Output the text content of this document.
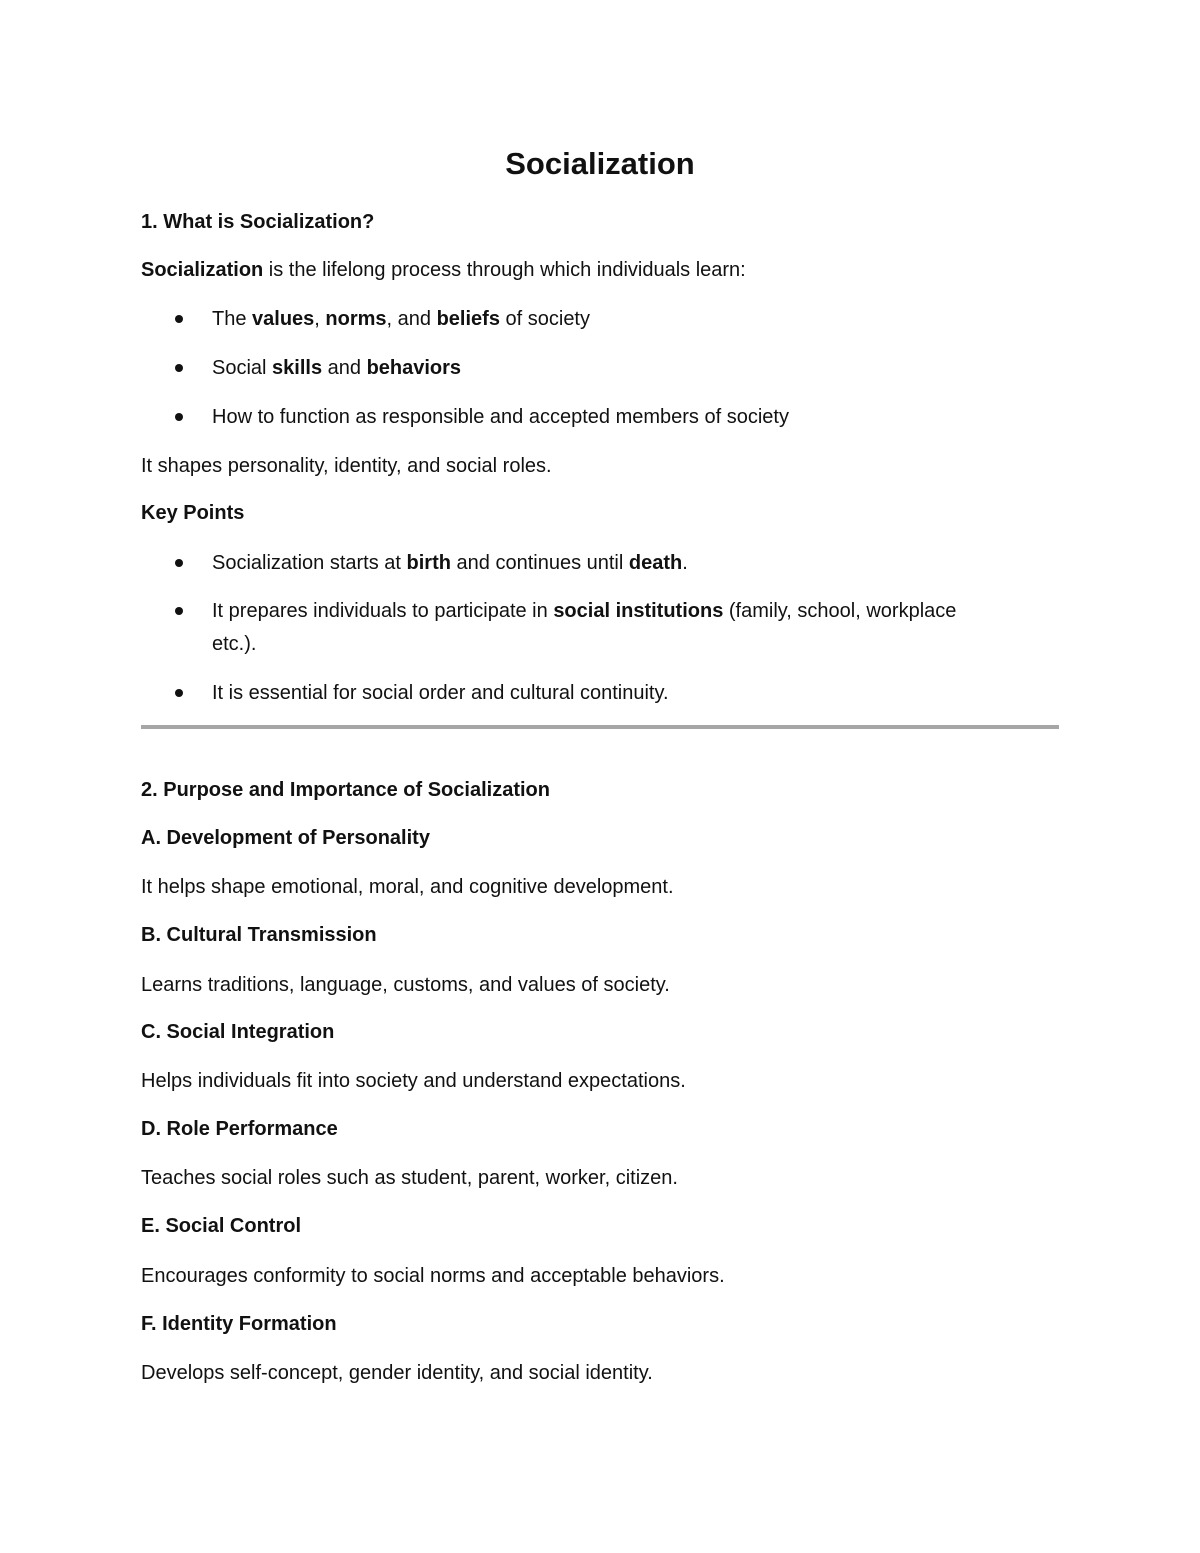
Socialization
1. What is Socialization?
Socialization is the lifelong process through which individuals learn:
The values, norms, and beliefs of society
Social skills and behaviors
How to function as responsible and accepted members of society
It shapes personality, identity, and social roles.
Key Points
Socialization starts at birth and continues until death.
It prepares individuals to participate in social institutions (family, school, workplace
etc.).
It is essential for social order and cultural continuity.
2. Purpose and Importance of Socialization
A. Development of Personality
It helps shape emotional, moral, and cognitive development.
B. Cultural Transmission
Learns traditions, language, customs, and values of society.
C. Social Integration
Helps individuals fit into society and understand expectations.
D. Role Performance
Teaches social roles such as student, parent, worker, citizen.
E. Social Control
Encourages conformity to social norms and acceptable behaviors.
F. Identity Formation
Develops self-concept, gender identity, and social identity.
